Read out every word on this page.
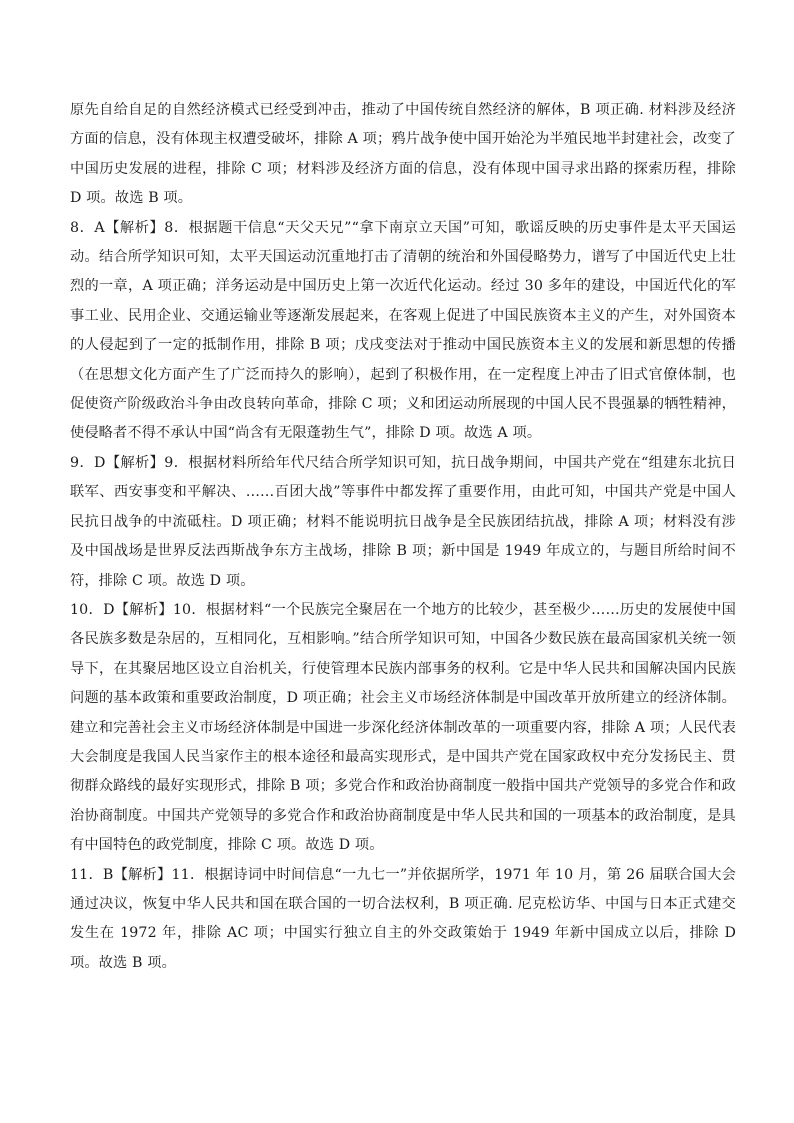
原先自给自足的自然经济模式已经受到冲击，推动了中国传统自然经济的解体，B 项正确. 材料涉及经济方面的信息，没有体现主权遭受破坏，排除 A 项；鸦片战争使中国开始沦为半殖民地半封建社会，改变了中国历史发展的进程，排除 C 项；材料涉及经济方面的信息，没有体现中国寻求出路的探索历程，排除 D 项。故选 B 项。

8．A【解析】8．根据题干信息“天父天兄”“拿下南京立天国”可知，歌谣反映的历史事件是太平天国运动。结合所学知识可知，太平天国运动沉重地打击了清朝的统治和外国侵略势力，谱写了中国近代史上壮烈的一章，A 项正确；洋务运动是中国历史上第一次近代化运动。经过 30 多年的建设，中国近代化的军事工业、民用企业、交通运输业等逐渐发展起来，在客观上促进了中国民族资本主义的产生，对外国资本的人侵起到了一定的抵制作用，排除 B 项；戊戌变法对于推动中国民族资本主义的发展和新思想的传播（在思想文化方面产生了广泛而持久的影响），起到了积极作用，在一定程度上冲击了旧式官僚体制，也促使资产阶级政治斗争由改良转向革命，排除 C 项；义和团运动所展现的中国人民不畏强暴的牺牲精神，使侵略者不得不承认中国“尚含有无限蓬勃生气”，排除 D 项。故选 A 项。

9．D【解析】9．根据材料所给年代尺结合所学知识可知，抗日战争期间，中国共产党在“组建东北抗日联军、西安事变和平解决、……百团大战”等事件中都发挥了重要作用，由此可知，中国共产党是中国人民抗日战争的中流砥柱。D 项正确；材料不能说明抗日战争是全民族团结抗战，排除 A 项；材料没有涉及中国战场是世界反法西斯战争东方主战场，排除 B 项；新中国是 1949 年成立的，与题目所给时间不符，排除 C 项。故选 D 项。

10．D【解析】10．根据材料“一个民族完全聚居在一个地方的比较少，甚至极少……历史的发展使中国各民族多数是杂居的，互相同化，互相影响。”结合所学知识可知，中国各少数民族在最高国家机关统一领导下，在其聚居地区设立自治机关，行使管理本民族内部事务的权利。它是中华人民共和国解决国内民族问题的基本政策和重要政治制度，D 项正确；社会主义市场经济体制是中国改革开放所建立的经济体制。建立和完善社会主义市场经济体制是中国进一步深化经济体制改革的一项重要内容，排除 A 项；人民代表大会制度是我国人民当家作主的根本途径和最高实现形式，是中国共产党在国家政权中充分发扬民主、贯彻群众路线的最好实现形式，排除 B 项；多党合作和政治协商制度一般指中国共产党领导的多党合作和政治协商制度。中国共产党领导的多党合作和政治协商制度是中华人民共和国的一项基本的政治制度，是具有中国特色的政党制度，排除 C 项。故选 D 项。

11．B【解析】11．根据诗词中时间信息“一九七一”并依据所学，1971 年 10 月，第 26 届联合国大会通过决议，恢复中华人民共和国在联合国的一切合法权利，B 项正确. 尼克松访华、中国与日本正式建交发生在 1972 年，排除 AC 项；中国实行独立自主的外交政策始于 1949 年新中国成立以后，排除 D 项。故选 B 项。
